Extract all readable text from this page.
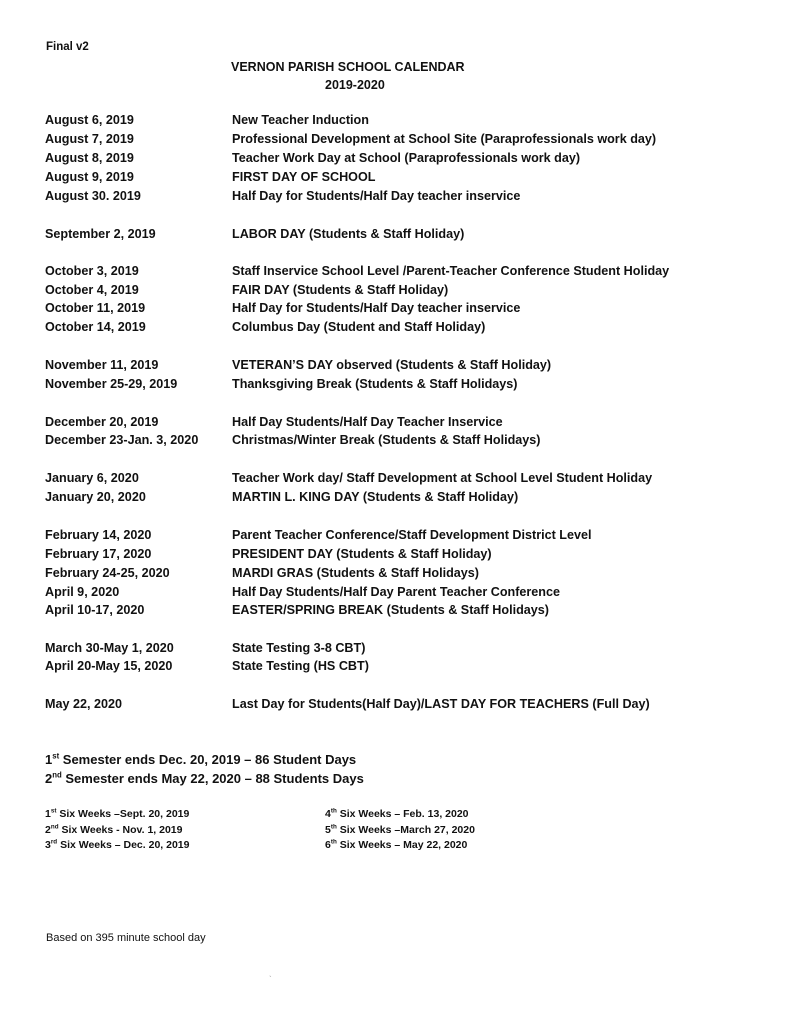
Final v2
VERNON PARISH SCHOOL CALENDAR
2019-2020
August 6, 2019	New Teacher Induction
August 7, 2019	Professional Development at School Site (Paraprofessionals work day)
August 8, 2019	Teacher Work Day at School (Paraprofessionals work day)
August 9, 2019	FIRST DAY OF SCHOOL
August 30. 2019	Half Day for Students/Half Day teacher inservice
September 2, 2019	LABOR DAY (Students & Staff Holiday)
October 3, 2019	Staff Inservice School Level /Parent-Teacher Conference Student Holiday
October 4, 2019	FAIR DAY (Students & Staff Holiday)
October 11, 2019	Half Day for Students/Half Day teacher inservice
October 14, 2019	Columbus Day (Student and Staff Holiday)
November 11, 2019	VETERAN’S DAY observed (Students & Staff Holiday)
November 25-29, 2019	Thanksgiving Break (Students & Staff Holidays)
December 20, 2019	Half Day Students/Half Day Teacher Inservice
December 23-Jan. 3, 2020	Christmas/Winter Break (Students & Staff Holidays)
January 6, 2020	Teacher Work day/ Staff Development at School Level Student Holiday
January 20, 2020	MARTIN L. KING DAY (Students & Staff Holiday)
February 14, 2020	Parent Teacher Conference/Staff Development District Level
February 17, 2020	PRESIDENT DAY (Students & Staff Holiday)
February 24-25, 2020	MARDI GRAS (Students & Staff Holidays)
April 9, 2020	Half Day Students/Half Day Parent Teacher Conference
April 10-17, 2020	EASTER/SPRING BREAK (Students & Staff Holidays)
March 30-May 1, 2020	State Testing 3-8 CBT)
April 20-May 15, 2020	State Testing (HS CBT)
May 22, 2020	Last Day for Students(Half Day)/LAST DAY FOR TEACHERS (Full Day)
1st Semester ends Dec. 20, 2019 – 86 Student Days
2nd Semester ends May 22, 2020 – 88 Students Days
1st Six Weeks –Sept. 20, 2019
2nd Six Weeks - Nov. 1, 2019
3rd Six Weeks – Dec. 20, 2019
4th Six Weeks – Feb. 13, 2020
5th Six Weeks –March 27, 2020
6th Six Weeks – May 22, 2020
Based on 395 minute school day
`
